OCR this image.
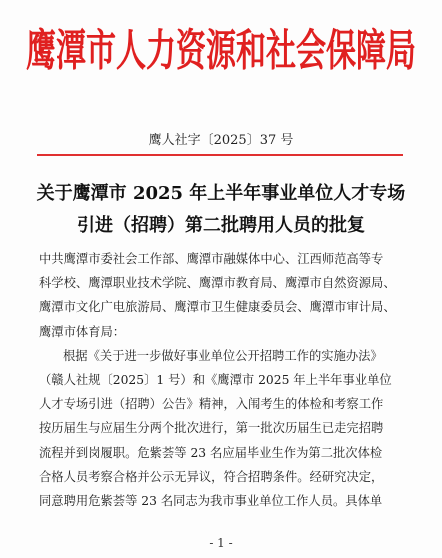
鹰潭市人力资源和社会保障局
鹰人社字〔2025〕37 号
关于鹰潭市 2025 年上半年事业单位人才专场
引进（招聘）第二批聘用人员的批复
中共鹰潭市委社会工作部、鹰潭市融媒体中心、江西师范高等专
科学校、鹰潭职业技术学院、鹰潭市教育局、鹰潭市自然资源局、
鹰潭市文化广电旅游局、鹰潭市卫生健康委员会、鹰潭市审计局、
鹰潭市体育局：
根据《关于进一步做好事业单位公开招聘工作的实施办法》
（赣人社规〔2025〕1 号）和《鹰潭市 2025 年上半年事业单位
人才专场引进（招聘）公告》精神，入闱考生的体检和考察工作
按历届生与应届生分两个批次进行，第一批次历届生已走完招聘
流程并到岗履职。危紫荟等 23 名应届毕业生作为第二批次体检
合格人员考察合格并公示无异议，符合招聘条件。经研究决定，
同意聘用危紫荟等 23 名同志为我市事业单位工作人员。具体单
- 1 -
